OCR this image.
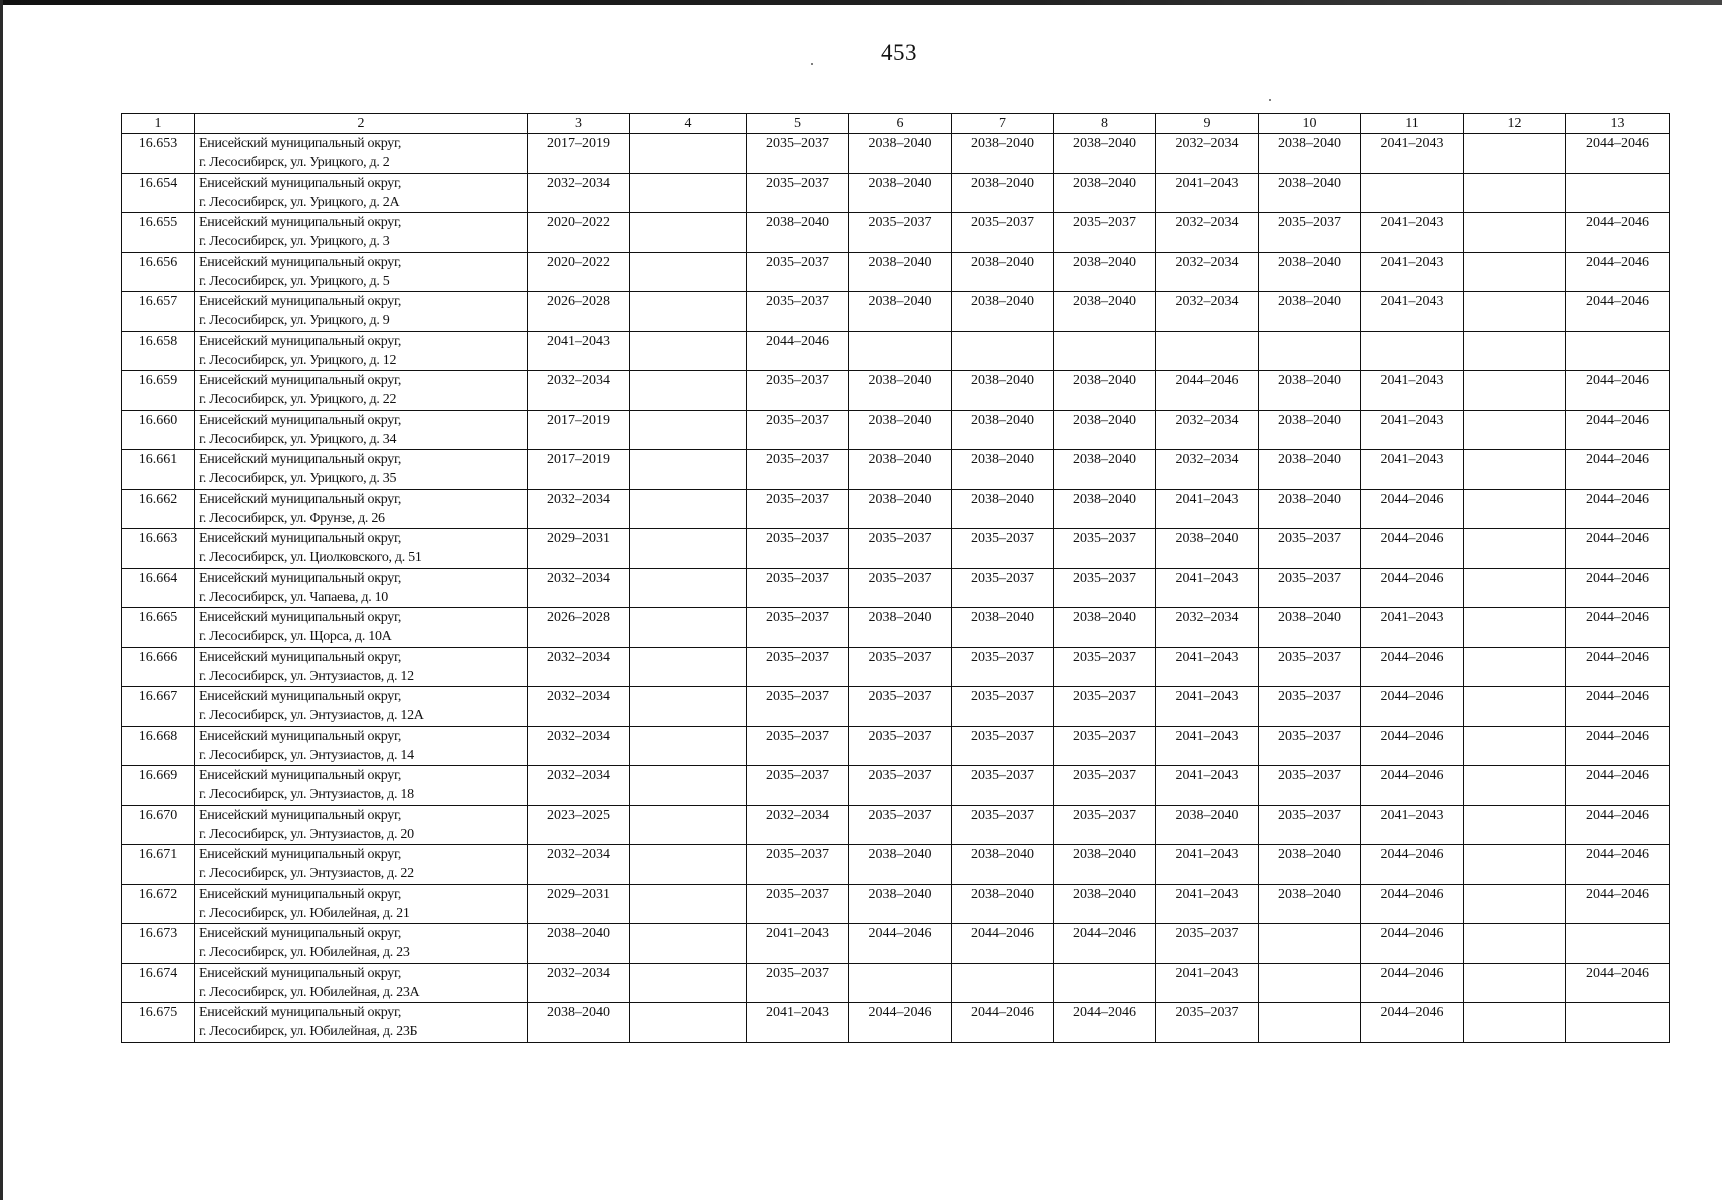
453
1	2	3	4	5	6	7	8	9	10	11	12	13
16.653	Енисейский муниципальный округ,
г. Лесосибирск, ул. Урицкого, д. 2	2017–2019		2035–2037	2038–2040	2038–2040	2038–2040	2032–2034	2038–2040	2041–2043		2044–2046
16.654	Енисейский муниципальный округ,
г. Лесосибирск, ул. Урицкого, д. 2А	2032–2034		2035–2037	2038–2040	2038–2040	2038–2040	2041–2043	2038–2040			
16.655	Енисейский муниципальный округ,
г. Лесосибирск, ул. Урицкого, д. 3	2020–2022		2038–2040	2035–2037	2035–2037	2035–2037	2032–2034	2035–2037	2041–2043		2044–2046
16.656	Енисейский муниципальный округ,
г. Лесосибирск, ул. Урицкого, д. 5	2020–2022		2035–2037	2038–2040	2038–2040	2038–2040	2032–2034	2038–2040	2041–2043		2044–2046
16.657	Енисейский муниципальный округ,
г. Лесосибирск, ул. Урицкого, д. 9	2026–2028		2035–2037	2038–2040	2038–2040	2038–2040	2032–2034	2038–2040	2041–2043		2044–2046
16.658	Енисейский муниципальный округ,
г. Лесосибирск, ул. Урицкого, д. 12	2041–2043		2044–2046								
16.659	Енисейский муниципальный округ,
г. Лесосибирск, ул. Урицкого, д. 22	2032–2034		2035–2037	2038–2040	2038–2040	2038–2040	2044–2046	2038–2040	2041–2043		2044–2046
16.660	Енисейский муниципальный округ,
г. Лесосибирск, ул. Урицкого, д. 34	2017–2019		2035–2037	2038–2040	2038–2040	2038–2040	2032–2034	2038–2040	2041–2043		2044–2046
16.661	Енисейский муниципальный округ,
г. Лесосибирск, ул. Урицкого, д. 35	2017–2019		2035–2037	2038–2040	2038–2040	2038–2040	2032–2034	2038–2040	2041–2043		2044–2046
16.662	Енисейский муниципальный округ,
г. Лесосибирск, ул. Фрунзе, д. 26	2032–2034		2035–2037	2038–2040	2038–2040	2038–2040	2041–2043	2038–2040	2044–2046		2044–2046
16.663	Енисейский муниципальный округ,
г. Лесосибирск, ул. Циолковского, д. 51	2029–2031		2035–2037	2035–2037	2035–2037	2035–2037	2038–2040	2035–2037	2044–2046		2044–2046
16.664	Енисейский муниципальный округ,
г. Лесосибирск, ул. Чапаева, д. 10	2032–2034		2035–2037	2035–2037	2035–2037	2035–2037	2041–2043	2035–2037	2044–2046		2044–2046
16.665	Енисейский муниципальный округ,
г. Лесосибирск, ул. Щорса, д. 10А	2026–2028		2035–2037	2038–2040	2038–2040	2038–2040	2032–2034	2038–2040	2041–2043		2044–2046
16.666	Енисейский муниципальный округ,
г. Лесосибирск, ул. Энтузиастов, д. 12	2032–2034		2035–2037	2035–2037	2035–2037	2035–2037	2041–2043	2035–2037	2044–2046		2044–2046
16.667	Енисейский муниципальный округ,
г. Лесосибирск, ул. Энтузиастов, д. 12А	2032–2034		2035–2037	2035–2037	2035–2037	2035–2037	2041–2043	2035–2037	2044–2046		2044–2046
16.668	Енисейский муниципальный округ,
г. Лесосибирск, ул. Энтузиастов, д. 14	2032–2034		2035–2037	2035–2037	2035–2037	2035–2037	2041–2043	2035–2037	2044–2046		2044–2046
16.669	Енисейский муниципальный округ,
г. Лесосибирск, ул. Энтузиастов, д. 18	2032–2034		2035–2037	2035–2037	2035–2037	2035–2037	2041–2043	2035–2037	2044–2046		2044–2046
16.670	Енисейский муниципальный округ,
г. Лесосибирск, ул. Энтузиастов, д. 20	2023–2025		2032–2034	2035–2037	2035–2037	2035–2037	2038–2040	2035–2037	2041–2043		2044–2046
16.671	Енисейский муниципальный округ,
г. Лесосибирск, ул. Энтузиастов, д. 22	2032–2034		2035–2037	2038–2040	2038–2040	2038–2040	2041–2043	2038–2040	2044–2046		2044–2046
16.672	Енисейский муниципальный округ,
г. Лесосибирск, ул. Юбилейная, д. 21	2029–2031		2035–2037	2038–2040	2038–2040	2038–2040	2041–2043	2038–2040	2044–2046		2044–2046
16.673	Енисейский муниципальный округ,
г. Лесосибирск, ул. Юбилейная, д. 23	2038–2040		2041–2043	2044–2046	2044–2046	2044–2046	2035–2037		2044–2046		
16.674	Енисейский муниципальный округ,
г. Лесосибирск, ул. Юбилейная, д. 23А	2032–2034		2035–2037				2041–2043		2044–2046		2044–2046
16.675	Енисейский муниципальный округ,
г. Лесосибирск, ул. Юбилейная, д. 23Б	2038–2040		2041–2043	2044–2046	2044–2046	2044–2046	2035–2037		2044–2046		
